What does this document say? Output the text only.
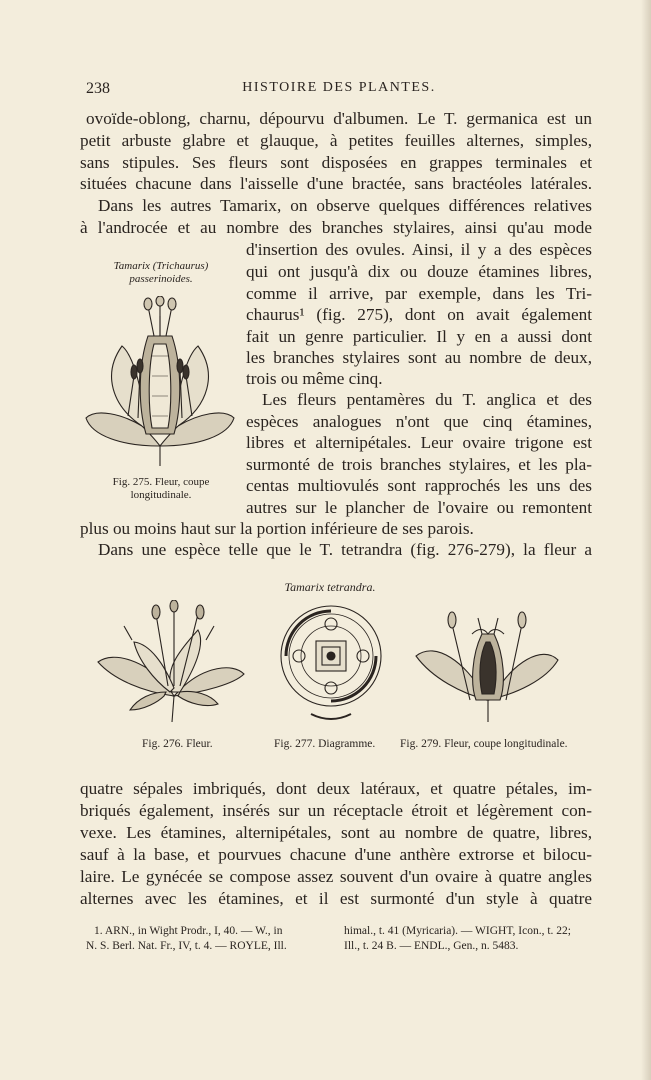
238	HISTOIRE DES PLANTES.
ovoïde-oblong, charnu, dépourvu d'albumen. Le T. germanica est un
petit arbuste glabre et glauque, à petites feuilles alternes, simples,
sans stipules. Ses fleurs sont disposées en grappes terminales et
situées chacune dans l'aisselle d'une bractée, sans bractéoles latérales.
Dans les autres Tamarix, on observe quelques différences relatives
à l'androcée et au nombre des branches stylaires, ainsi qu'au mode
Tamarix (Trichaurus)
passerinoides.
Fig. 275. Fleur, coupe
longitudinale.
d'insertion des ovules. Ainsi, il y a des espèces
qui ont jusqu'à dix ou douze étamines libres,
comme il arrive, par exemple, dans les Tri-
chaurus¹ (fig. 275), dont on avait également
fait un genre particulier. Il y en a aussi dont
les branches stylaires sont au nombre de deux,
trois ou même cinq.
Les fleurs pentamères du T. anglica et des
espèces analogues n'ont que cinq étamines,
libres et alternipétales. Leur ovaire trigone est
surmonté de trois branches stylaires, et les pla-
centas multiovulés sont rapprochés les uns des
autres sur le plancher de l'ovaire ou remontent
plus ou moins haut sur la portion inférieure de ses parois.
Dans une espèce telle que le T. tetrandra (fig. 276-279), la fleur a
Tamarix tetrandra.
Fig. 276. Fleur.	Fig. 277. Diagramme. Fig. 279. Fleur, coupe longitudinale.
quatre sépales imbriqués, dont deux latéraux, et quatre pétales, im-
briqués également, insérés sur un réceptacle étroit et légèrement con-
vexe. Les étamines, alternipétales, sont au nombre de quatre, libres,
sauf à la base, et pourvues chacune d'une anthère extrorse et bilocu-
laire. Le gynécée se compose assez souvent d'un ovaire à quatre angles
alternes avec les étamines, et il est surmonté d'un style à quatre
1. ARN., in Wight Prodr., I, 40. — W., in
N. S. Berl. Nat. Fr., IV, t. 4. — ROYLE, Ill.
himal., t. 41 (Myricaria). — WIGHT, Icon., t. 22;
Ill., t. 24 B. — ENDL., Gen., n. 5483.
